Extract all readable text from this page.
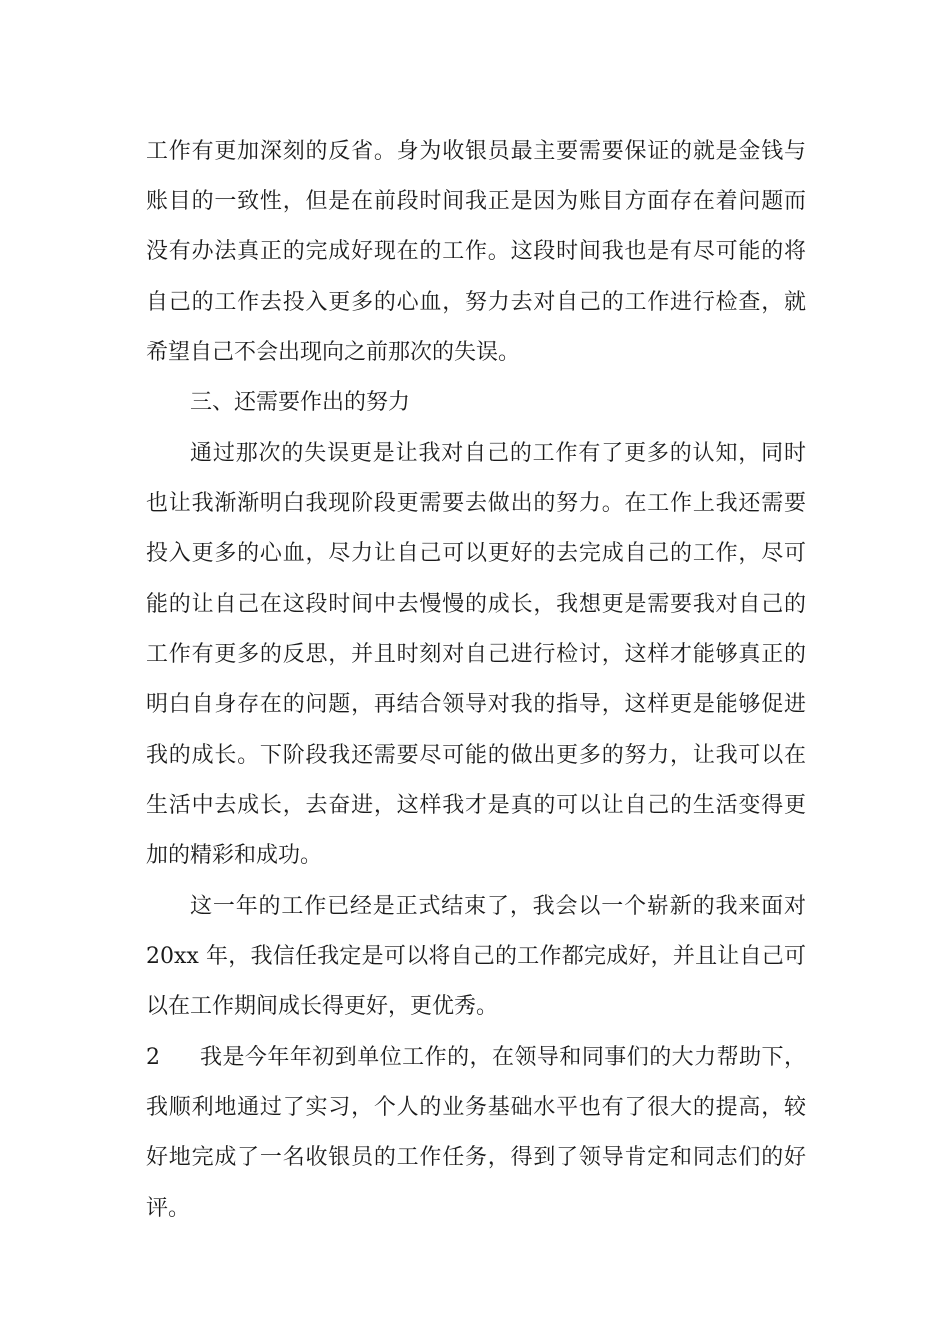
工作有更加深刻的反省。身为收银员最主要需要保证的就是金钱与
账目的一致性，但是在前段时间我正是因为账目方面存在着问题而
没有办法真正的完成好现在的工作。这段时间我也是有尽可能的将
自己的工作去投入更多的心血，努力去对自己的工作进行检查，就
希望自己不会出现向之前那次的失误。
三、还需要作出的努力
通过那次的失误更是让我对自己的工作有了更多的认知，同时
也让我渐渐明白我现阶段更需要去做出的努力。在工作上我还需要
投入更多的心血，尽力让自己可以更好的去完成自己的工作，尽可
能的让自己在这段时间中去慢慢的成长，我想更是需要我对自己的
工作有更多的反思，并且时刻对自己进行检讨，这样才能够真正的
明白自身存在的问题，再结合领导对我的指导，这样更是能够促进
我的成长。下阶段我还需要尽可能的做出更多的努力，让我可以在
生活中去成长，去奋进，这样我才是真的可以让自己的生活变得更
加的精彩和成功。
这一年的工作已经是正式结束了，我会以一个崭新的我来面对
20xx 年，我信任我定是可以将自己的工作都完成好，并且让自己可
以在工作期间成长得更好，更优秀。
2 我是今年年初到单位工作的，在领导和同事们的大力帮助下，
我顺利地通过了实习，个人的业务基础水平也有了很大的提高，较
好地完成了一名收银员的工作任务，得到了领导肯定和同志们的好
评。
